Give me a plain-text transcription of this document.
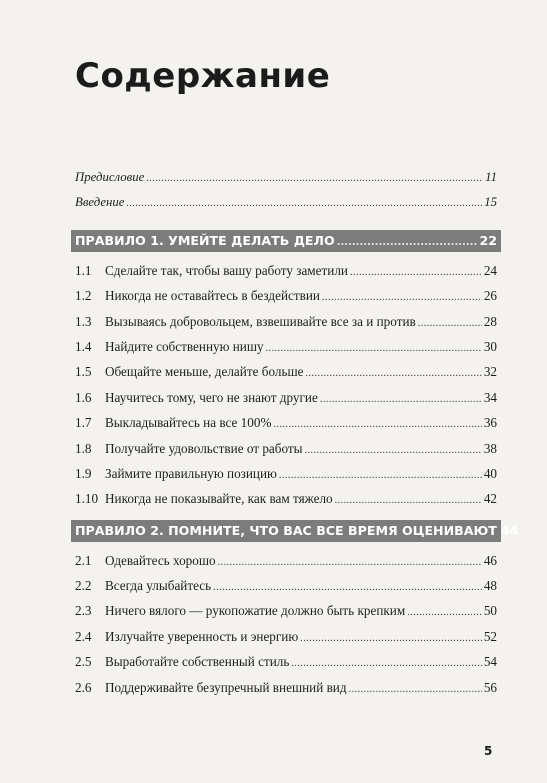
Содержание
Предисловие .....	11
Введение .....	15
ПРАВИЛО 1. УМЕЙТЕ ДЕЛАТЬ ДЕЛО .....	22
1.1	Сделайте так, чтобы вашу работу заметили .....	24
1.2	Никогда не оставайтесь в бездействии .....	26
1.3	Вызываясь добровольцем, взвешивайте все за и против .....	28
1.4	Найдите собственную нишу .....	30
1.5	Обещайте меньше, делайте больше .....	32
1.6	Научитесь тому, чего не знают другие .....	34
1.7	Выкладывайтесь на все 100% .....	36
1.8	Получайте удовольствие от работы .....	38
1.9	Займите правильную позицию .....	40
1.10 Никогда не показывайте, как вам тяжело .....	42
ПРАВИЛО 2. ПОМНИТЕ, ЧТО ВАС ВСЕ ВРЕМЯ ОЦЕНИВАЮТ 44
2.1	Одевайтесь хорошо .....	46
2.2	Всегда улыбайтесь .....	48
2.3	Ничего вялого — рукопожатие должно быть крепким .....	50
2.4	Излучайте уверенность и энергию .....	52
2.5	Выработайте собственный стиль .....	54
2.6	Поддерживайте безупречный внешний вид .....	56
5
